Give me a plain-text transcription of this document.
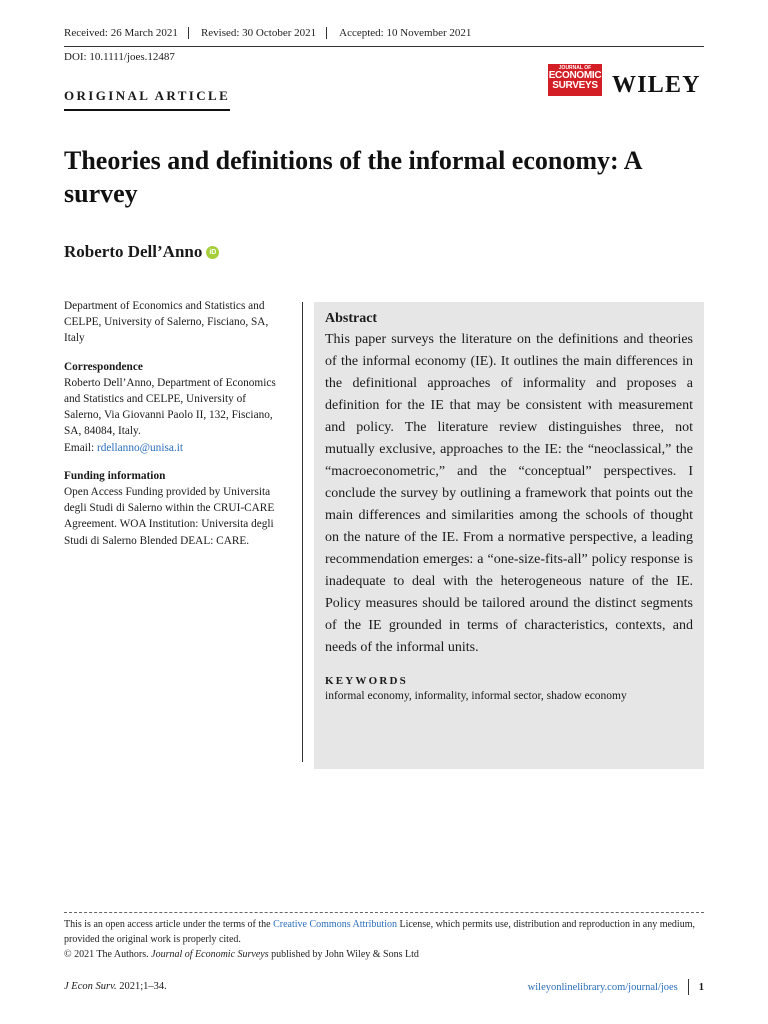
Received: 26 March 2021	Revised: 30 October 2021	Accepted: 10 November 2021
DOI: 10.1111/joes.12487
ORIGINAL ARTICLE
JOURNAL OF
ECONOMIC
SURVEYS WILEY
Theories and definitions of the informal economy: A survey
Roberto Dell’Anno	iD
Department of Economics and Statistics and CELPE, University of Salerno, Fisciano, SA, Italy
Correspondence
Roberto Dell’Anno, Department of Economics and Statistics and CELPE, University of Salerno, Via Giovanni Paolo II, 132, Fisciano, SA, 84084, Italy.
Email: rdellanno@unisa.it
Funding information
Open Access Funding provided by Universita degli Studi di Salerno within the CRUI-CARE Agreement. WOA Institution: Universita degli Studi di Salerno Blended DEAL: CARE.
Abstract
This paper surveys the literature on the definitions and theories of the informal economy (IE). It outlines the main differences in the definitional approaches of informality and proposes a definition for the IE that may be consistent with measurement and policy. The literature review distinguishes three, not mutually exclusive, approaches to the IE: the “neoclassical,” the “macroeconometric,” and the “conceptual” perspectives. I conclude the survey by outlining a framework that points out the main differences and similarities among the schools of thought on the nature of the IE. From a normative perspective, a leading recommendation emerges: a “one-size-fits-all” policy response is inadequate to deal with the heterogeneous nature of the IE. Policy measures should be tailored around the distinct segments of the IE grounded in terms of characteristics, contexts, and needs of the informal units.
KEYWORDS
informal economy, informality, informal sector, shadow economy
This is an open access article under the terms of the Creative Commons Attribution License, which permits use, distribution and reproduction in any medium, provided the original work is properly cited.
© 2021 The Authors. Journal of Economic Surveys published by John Wiley & Sons Ltd
J Econ Surv. 2021;1–34.	wileyonlinelibrary.com/journal/joes 1
